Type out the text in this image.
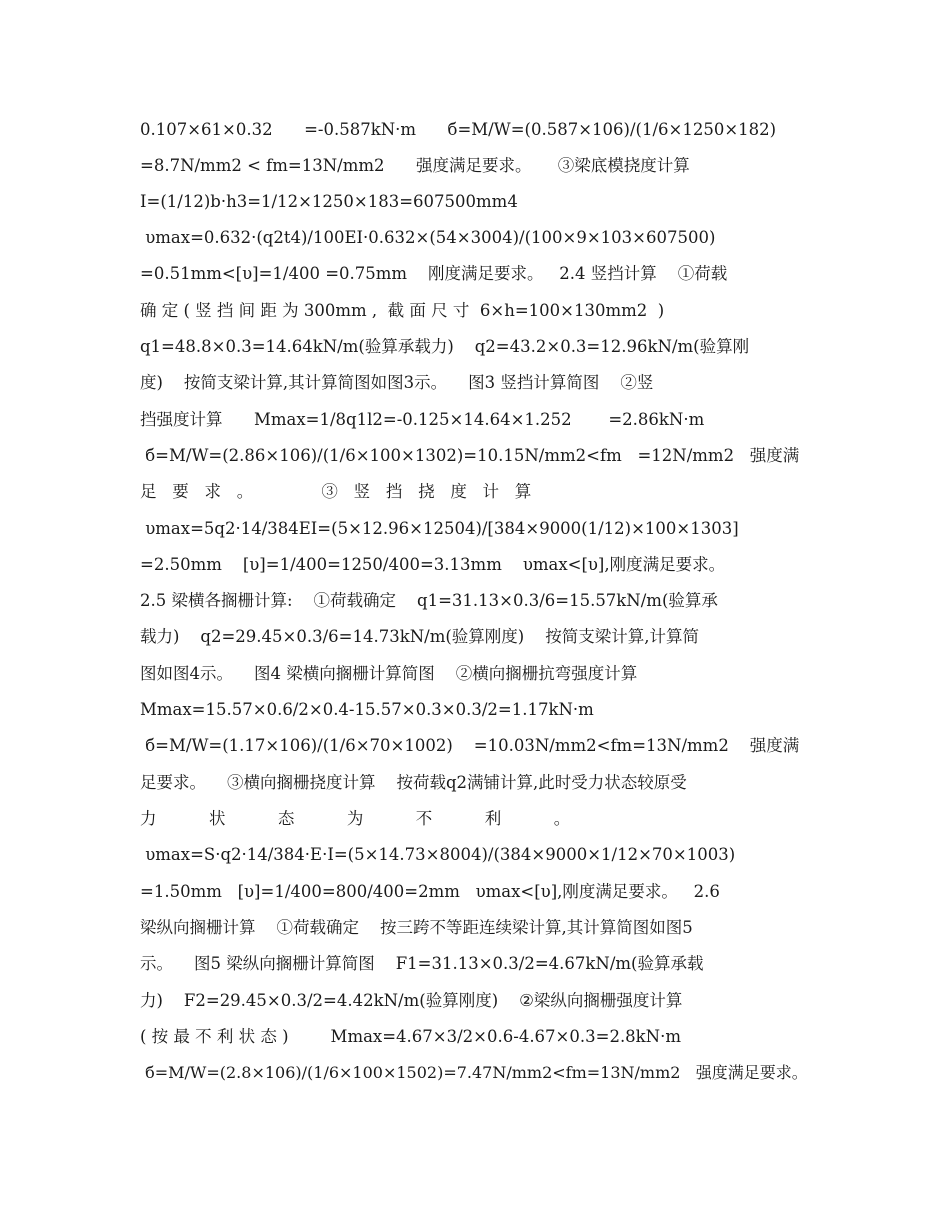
0.107×61×0.32      =-0.587kN·m      б=M/W=(0.587×106)/(1/6×1250×182)
=8.7N/mm2 < fm=13N/mm2      强度满足要求。     ③梁底模挠度计算
I=(1/12)b·h3=1/12×1250×183=607500mm4
υmax=0.632·(q2t4)/100EI·0.632×(54×3004)/(100×9×103×607500)
=0.51mm<[υ]=1/400 =0.75mm    刚度满足要求。   2.4 竖挡计算    ①荷载
确 定 ( 竖 挡 间 距 为 300mm ,  截 面 尺 寸  6×h=100×130mm2  )
q1=48.8×0.3=14.64kN/m(验算承载力)    q2=43.2×0.3=12.96kN/m(验算刚
度)    按简支梁计算,其计算简图如图3示。    图3 竖挡计算简图    ②竖
挡强度计算      Mmax=1/8q1l2=-0.125×14.64×1.252       =2.86kN·m
б=M/W=(2.86×106)/(1/6×100×1302)=10.15N/mm2<fm   =12N/mm2   强度满
足   要   求   。             ③   竖   挡   挠   度   计   算
υmax=5q2·14/384EI=(5×12.96×12504)/[384×9000(1/12)×100×1303]
=2.50mm    [υ]=1/400=1250/400=3.13mm    υmax<[υ],刚度满足要求。
2.5 梁横各搁栅计算:    ①荷载确定    q1=31.13×0.3/6=15.57kN/m(验算承
载力)    q2=29.45×0.3/6=14.73kN/m(验算刚度)    按简支梁计算,计算简
图如图4示。    图4 梁横向搁栅计算简图    ②横向搁栅抗弯强度计算
Mmax=15.57×0.6/2×0.4-15.57×0.3×0.3/2=1.17kN·m
б=M/W=(1.17×106)/(1/6×70×1002)    =10.03N/mm2<fm=13N/mm2    强度满
足要求。    ③横向搁栅挠度计算    按荷载q2满铺计算,此时受力状态较原受
力          状          态          为          不          利          。
υmax=S·q2·14/384·E·I=(5×14.73×8004)/(384×9000×1/12×70×1003)
=1.50mm   [υ]=1/400=800/400=2mm   υmax<[υ],刚度满足要求。   2.6
梁纵向搁栅计算    ①荷载确定    按三跨不等距连续梁计算,其计算简图如图5
示。    图5 梁纵向搁栅计算简图    F1=31.13×0.3/2=4.67kN/m(验算承载
力)    F2=29.45×0.3/2=4.42kN/m(验算刚度)    ②梁纵向搁栅强度计算
( 按 最 不 利 状 态 )        Mmax=4.67×3/2×0.6-4.67×0.3=2.8kN·m
б=M/W=(2.8×106)/(1/6×100×1502)=7.47N/mm2<fm=13N/mm2   强度满足要求。
